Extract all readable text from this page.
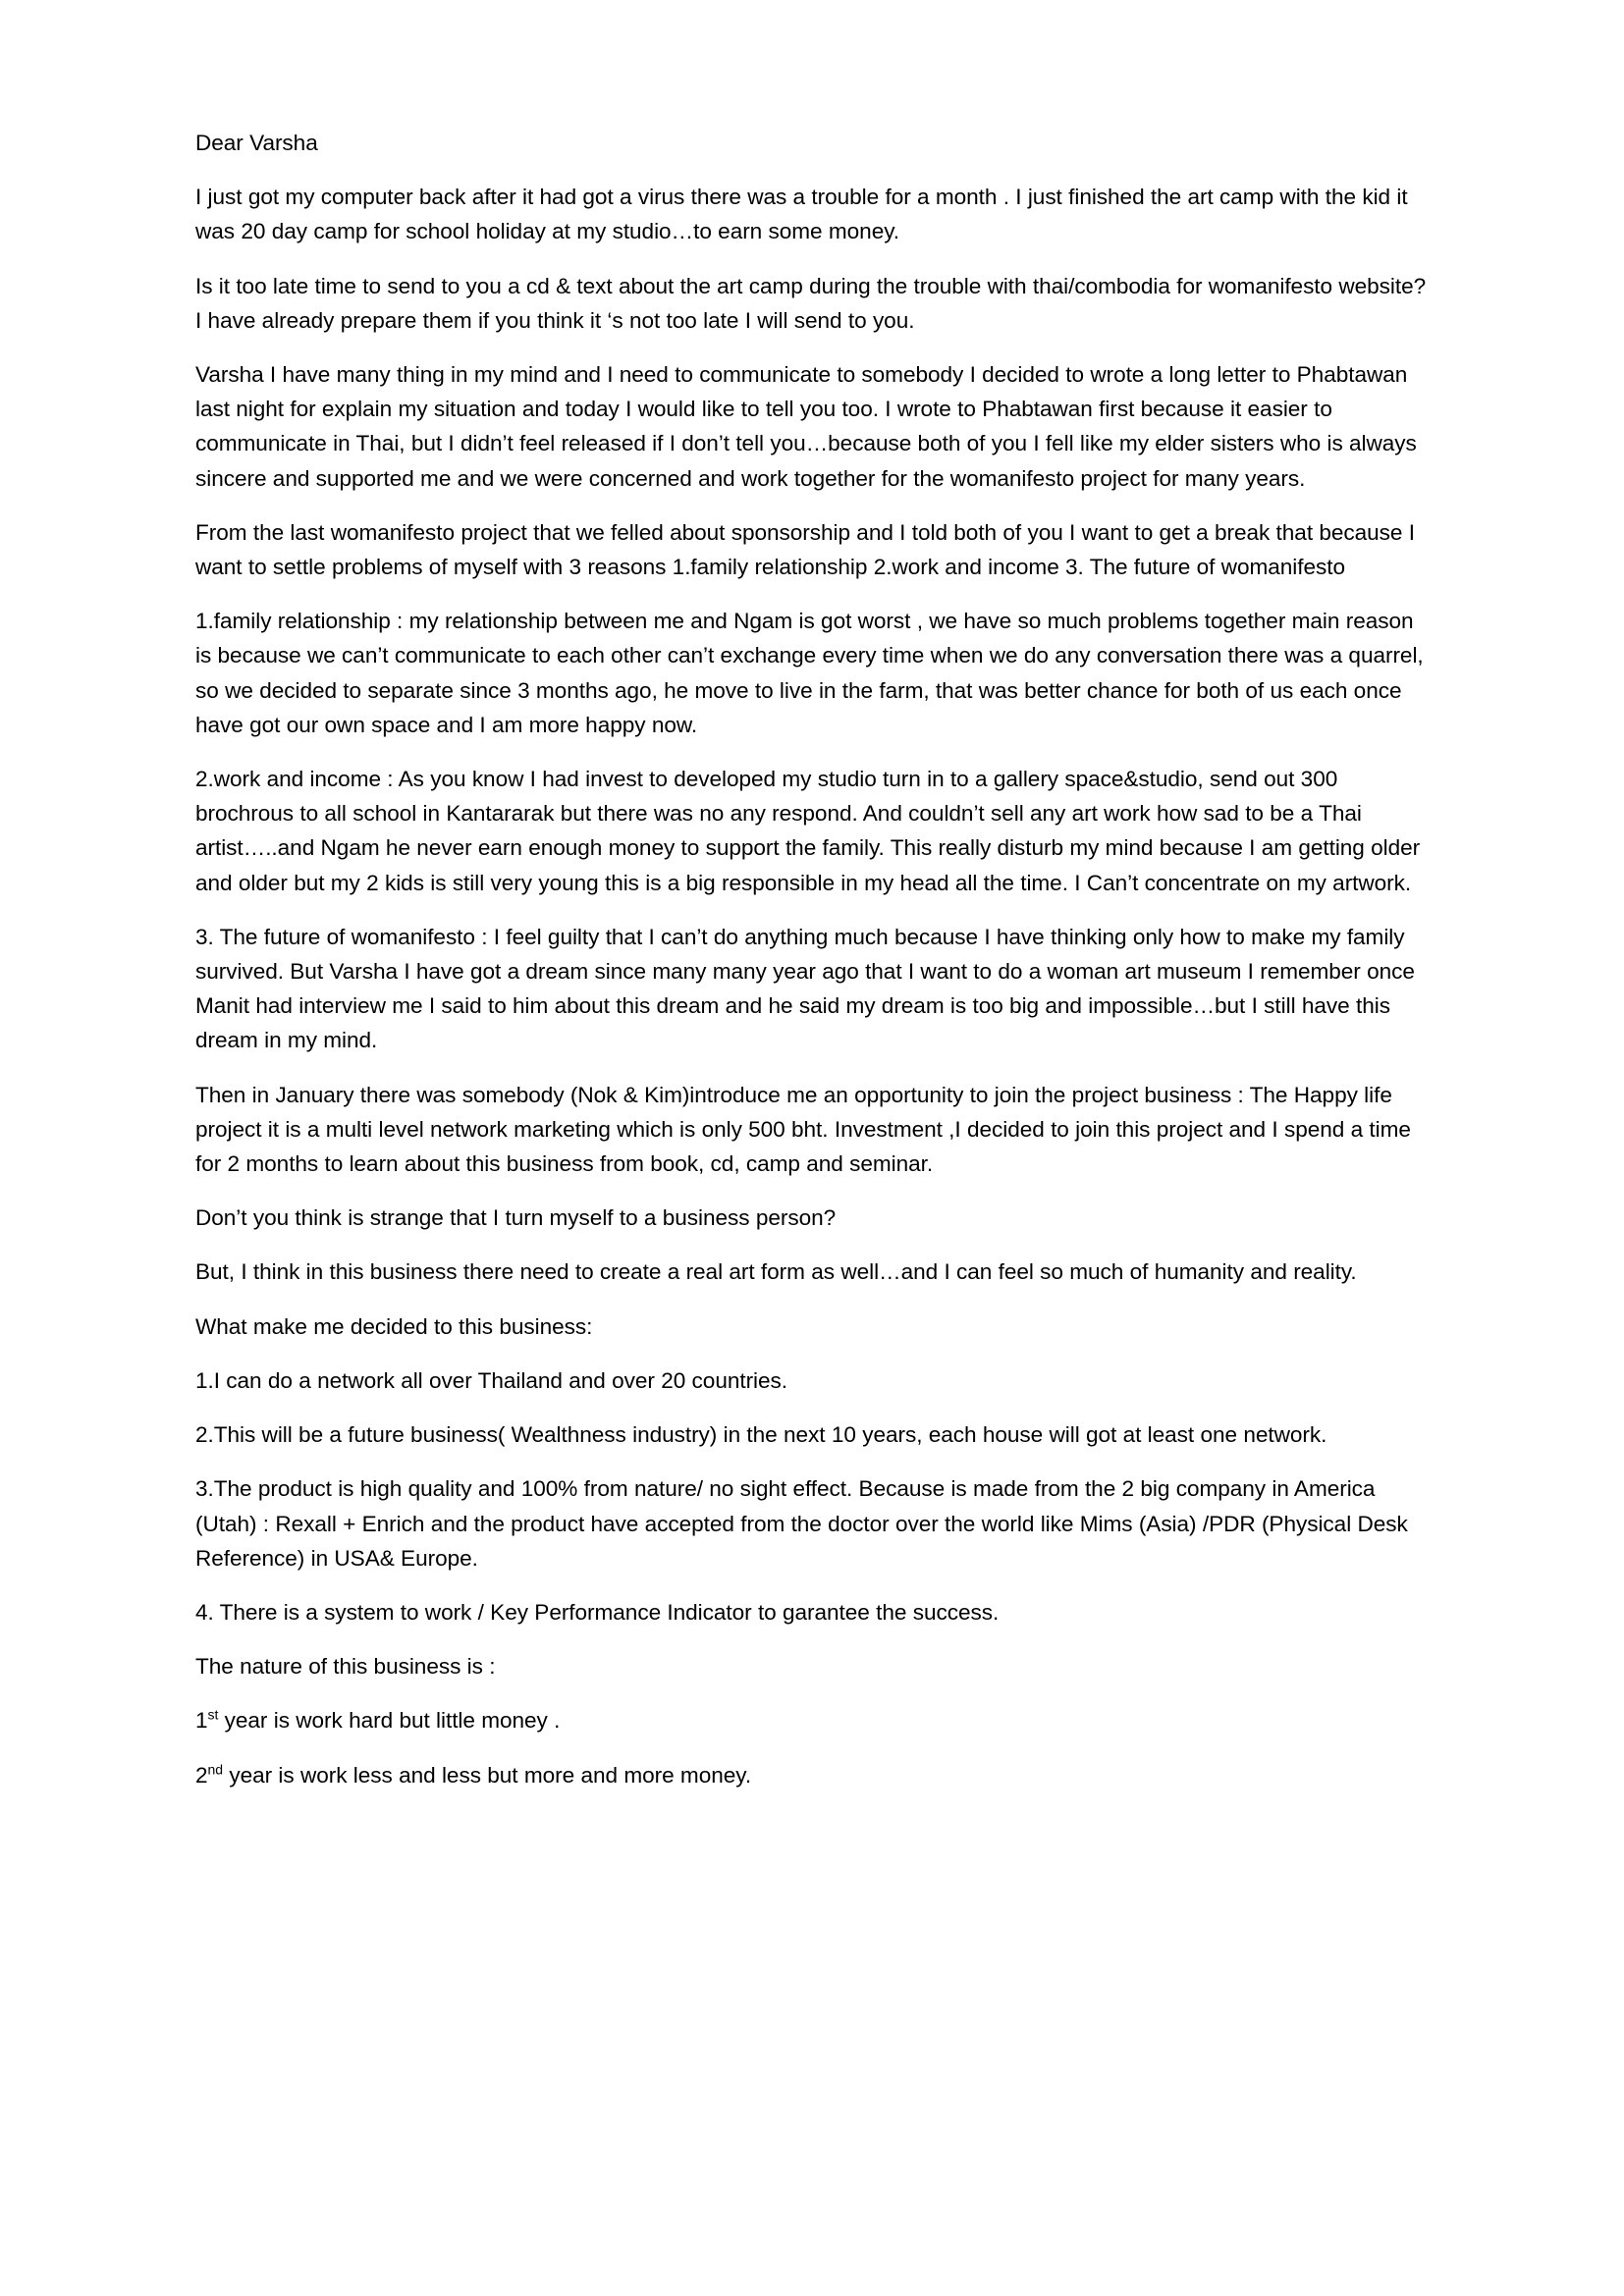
Dear Varsha

I just got my computer back after it had got a virus there was a trouble for a month . I just finished the art camp with the kid it was 20 day camp for school holiday at my studio…to earn some money.

Is it too late time to send to you a cd & text about the art camp during the trouble with thai/combodia for womanifesto website? I have already prepare them if you think it ‘s not too late I will send to you.

Varsha I have many thing in my mind and I need to communicate to somebody I decided to wrote a long letter to Phabtawan last night for explain my situation and today I would like to tell you too. I wrote to Phabtawan first because it easier to communicate in Thai, but I didn’t feel released if I don’t tell you…because both of you I fell like my elder sisters who is always sincere and supported me and we were concerned and work together for the womanifesto project for many years.

From the last womanifesto project that we felled about sponsorship and I told both of you I want to get a break that because I want to settle problems of myself with 3 reasons 1.family relationship 2.work and income 3. The future of womanifesto

1.family relationship : my relationship between me and Ngam is got worst , we have so much problems together main reason is because we can’t communicate to each other can’t exchange every time when we do any conversation there was a quarrel, so we decided to separate since 3 months ago, he move to live in the farm, that was better chance for both of us each once have got our own space and I am more happy now.

2.work and income : As you know I had invest to developed my studio turn in to a gallery space&studio, send out 300 brochrous to all school in Kantararak but there was no any respond. And couldn’t sell any art work how sad to be a Thai artist…..and Ngam he never earn enough money to support the family. This really disturb my mind because I am getting older and older but my 2 kids is still very young this is a big responsible in my head all the time. I Can’t concentrate on my artwork.

3. The future of womanifesto : I feel guilty that I can’t do anything much because I have thinking only how to make my family survived. But Varsha I have got a dream since many many year ago that I want to do a woman art museum I remember once Manit had interview me I said to him about this dream and he said my dream is too big and impossible…but I still have this dream in my mind.

Then in January there was somebody (Nok & Kim)introduce me an opportunity to join the project business : The Happy life project it is a multi level network marketing which is only 500 bht. Investment ,I decided to join this project and I spend a time for 2 months to learn about this business from book, cd, camp and seminar.

Don’t you think is strange that I turn myself to a business person?

But, I think in this business there need to create a real art form as well…and I can feel so much of humanity and reality.

What make me decided to this business:

1.I can do a network all over Thailand and over 20 countries.

2.This will be a future business( Wealthness industry) in the next 10 years, each house will got at least one network.

3.The product is high quality and 100% from nature/ no sight effect. Because is made from the 2 big company in America (Utah) : Rexall + Enrich and the product have accepted from the doctor over the world like Mims (Asia) /PDR (Physical Desk Reference) in USA& Europe.

4. There is a system to work / Key Performance Indicator to garantee the success.

The nature of this business is :

1st year is work hard but little money .

2nd year is work less and less but more and more money.
